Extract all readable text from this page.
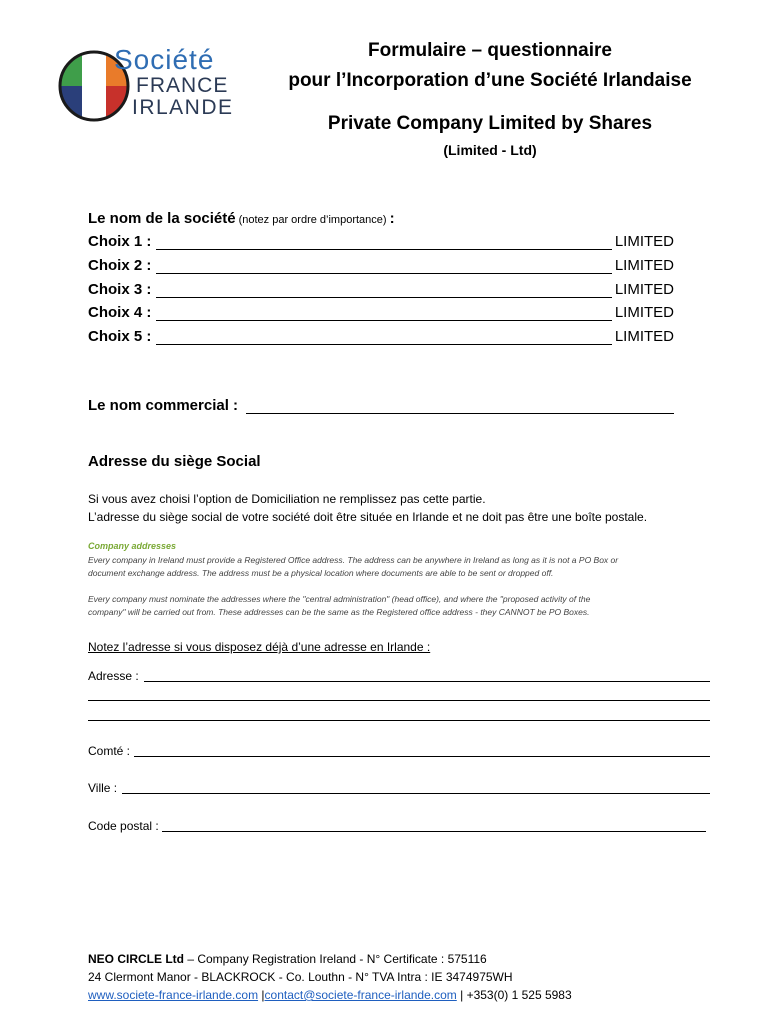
Société
FRANCE
IRLANDE
Formulaire – questionnaire
pour l’Incorporation d’une Société Irlandaise
Private Company Limited by Shares
(Limited - Ltd)
Le nom de la société (notez par ordre d’importance) :
Choix 1 :	LIMITED
Choix 2 :	LIMITED
Choix 3 :	LIMITED
Choix 4 :	LIMITED
Choix 5 :	LIMITED
Le nom commercial :
Adresse du siège Social
Si vous avez choisi l’option de Domiciliation ne remplissez pas cette partie.
L’adresse du siège social de votre société doit être située en Irlande et ne doit pas être une boîte postale.
Company addresses
Every company in Ireland must provide a Registered Office address. The address can be anywhere in Ireland as long as it is not a PO Box or
document exchange address. The address must be a physical location where documents are able to be sent or dropped off.
Every company must nominate the addresses where the "central administration" (head office), and where the "proposed activity of the
company" will be carried out from. These addresses can be the same as the Registered office address - they CANNOT be PO Boxes.
Notez l’adresse si vous disposez déjà d’une adresse en Irlande :
Adresse :
Comté :
Ville :
Code postal :
NEO CIRCLE Ltd – Company Registration Ireland - N° Certificate : 575116
24 Clermont Manor - BLACKROCK - Co. Louthn - N° TVA Intra : IE 3474975WH
www.societe-france-irlande.com |contact@societe-france-irlande.com | +353(0) 1 525 5983
